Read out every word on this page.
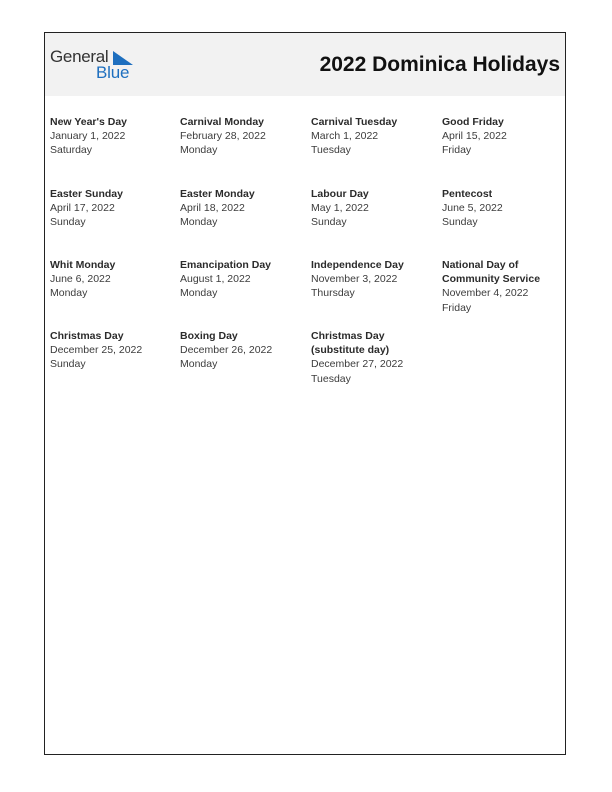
General
Blue	2022 Dominica Holidays
New Year's Day
January 1, 2022
Saturday
Carnival Monday
February 28, 2022
Monday
Carnival Tuesday
March 1, 2022
Tuesday
Good Friday
April 15, 2022
Friday
Easter Sunday
April 17, 2022
Sunday
Easter Monday
April 18, 2022
Monday
Labour Day
May 1, 2022
Sunday
Pentecost
June 5, 2022
Sunday
Whit Monday
June 6, 2022
Monday
Emancipation Day
August 1, 2022
Monday
Independence Day
November 3, 2022
Thursday
National Day of Community Service
November 4, 2022
Friday
Christmas Day
December 25, 2022
Sunday
Boxing Day
December 26, 2022
Monday
Christmas Day (substitute day)
December 27, 2022
Tuesday
